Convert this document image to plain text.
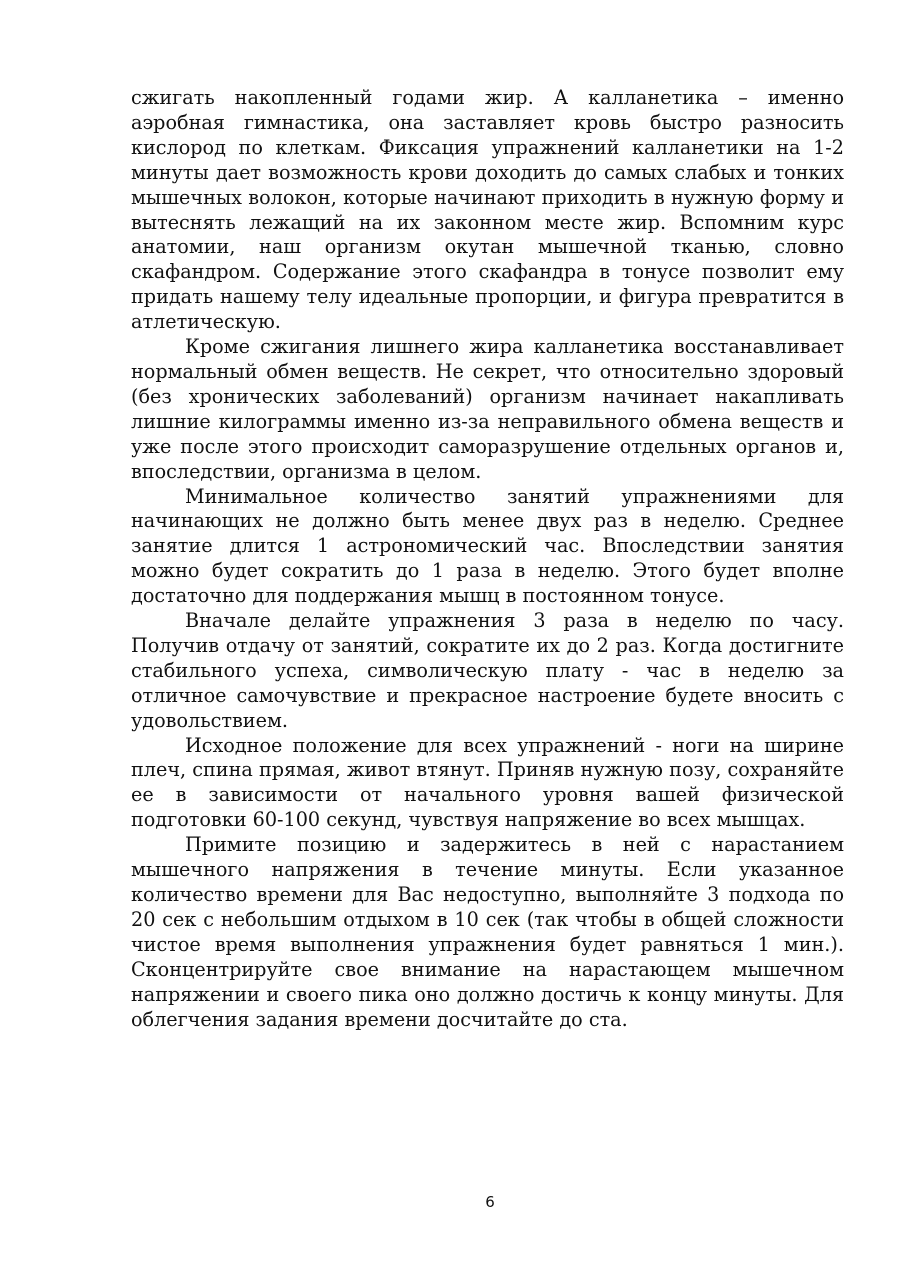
сжигать накопленный годами жир. А калланетика – именно аэробная гимнастика, она заставляет кровь быстро разносить кислород по клеткам. Фиксация упражнений калланетики на 1-2 минуты дает возможность крови доходить до самых слабых и тонких мышечных волокон, которые начинают приходить в нужную форму и вытеснять лежащий на их законном месте жир. Вспомним курс анатомии, наш организм окутан мышечной тканью, словно скафандром. Содержание этого скафандра в тонусе позволит ему придать нашему телу идеальные пропорции, и фигура превратится в атлетическую.

Кроме сжигания лишнего жира калланетика восстанавливает нормальный обмен веществ. Не секрет, что относительно здоровый (без хронических заболеваний) организм начинает накапливать лишние килограммы именно из-за неправильного обмена веществ и уже после этого происходит саморазрушение отдельных органов и, впоследствии, организма в целом.

Минимальное количество занятий упражнениями для начинающих не должно быть менее двух раз в неделю. Среднее занятие длится 1 астрономический час. Впоследствии занятия можно будет сократить до 1 раза в неделю. Этого будет вполне достаточно для поддержания мышц в постоянном тонусе.

Вначале делайте упражнения 3 раза в неделю по часу. Получив отдачу от занятий, сократите их до 2 раз. Когда достигните стабильного успеха, символическую плату - час в неделю за отличное самочувствие и прекрасное настроение будете вносить с удовольствием.

Исходное положение для всех упражнений - ноги на ширине плеч, спина прямая, живот втянут. Приняв нужную позу, сохраняйте ее в зависимости от начального уровня вашей физической подготовки 60-100 секунд, чувствуя напряжение во всех мышцах.

Примите позицию и задержитесь в ней с нарастанием мышечного напряжения в течение минуты. Если указанное количество времени для Вас недоступно, выполняйте 3 подхода по 20 сек с небольшим отдыхом в 10 сек (так чтобы в общей сложности чистое время выполнения упражнения будет равняться 1 мин.). Сконцентрируйте свое внимание на нарастающем мышечном напряжении и своего пика оно должно достичь к концу минуты. Для облегчения задания времени досчитайте до ста.

6
